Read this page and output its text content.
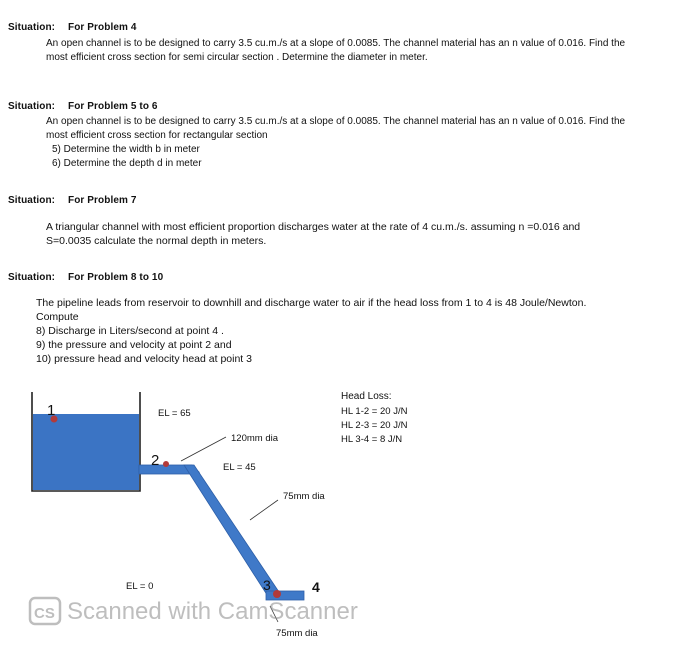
Situation: For Problem 4
An open channel is to be designed to carry 3.5 cu.m./s at a slope of 0.0085. The channel material has an n value of 0.016. Find the
most efficient cross section for semi circular section . Determine the diameter in meter.
Situation: For Problem 5 to 6
An open channel is to be designed to carry 3.5 cu.m./s at a slope of 0.0085. The channel material has an n value of 0.016. Find the
most efficient cross section for rectangular section
5) Determine the width b in meter
6) Determine the depth d in meter
Situation: For Problem 7
A triangular channel with most efficient proportion discharges water at the rate of 4 cu.m./s. assuming n =0.016 and
S=0.0035 calculate the normal depth in meters.
Situation: For Problem 8 to 10
The pipeline leads from reservoir to downhill and discharge water to air if the head loss from 1 to 4 is 48 Joule/Newton.
Compute
8) Discharge in Liters/second at point 4 .
9) the pressure and velocity at point 2 and
10) pressure head and velocity head at point 3
1
2
3	4
EL = 65
EL = 45
EL = 0
120mm dia
75mm dia
75mm dia
Head Loss:
HL 1-2 = 20 J/N
HL 2-3 = 20 J/N
HL 3-4 = 8 J/N
CS Scanned with CamScanner
